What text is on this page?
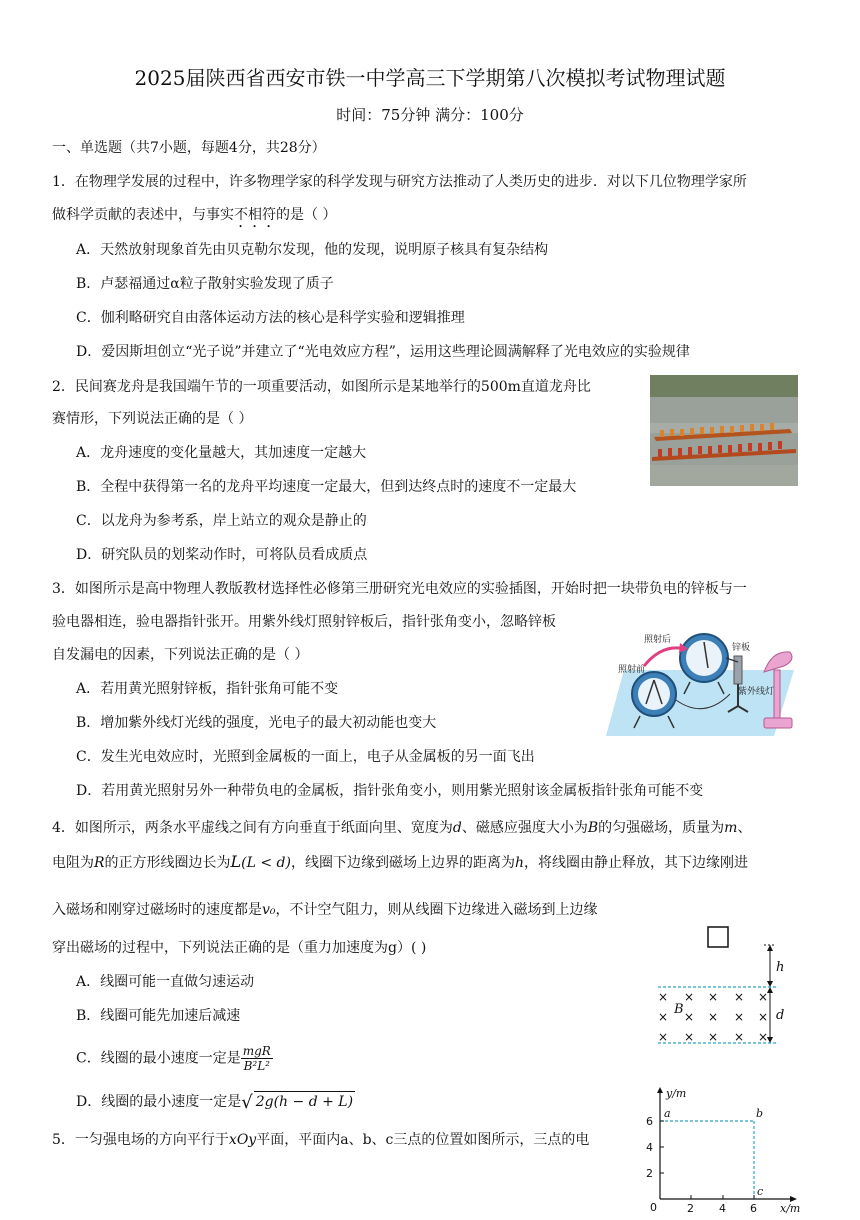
2025届陕西省西安市铁一中学高三下学期第八次模拟考试物理试题
时间：75分钟 满分：100分
一、单选题（共7小题，每题4分，共28分）
1．在物理学发展的过程中，许多物理学家的科学发现与研究方法推动了人类历史的进步．对以下几位物理学家所
做科学贡献的表述中，与事实不相符的是（ ）
A．天然放射现象首先由贝克勒尔发现，他的发现，说明原子核具有复杂结构
B．卢瑟福通过α粒子散射实验发现了质子
C．伽利略研究自由落体运动方法的核心是科学实验和逻辑推理
D．爱因斯坦创立“光子说”并建立了“光电效应方程”，运用这些理论圆满解释了光电效应的实验规律
2．民间赛龙舟是我国端午节的一项重要活动，如图所示是某地举行的500m直道龙舟比
赛情形，下列说法正确的是（ ）
A．龙舟速度的变化量越大，其加速度一定越大
B．全程中获得第一名的龙舟平均速度一定最大，但到达终点时的速度不一定最大
C．以龙舟为参考系，岸上站立的观众是静止的
D．研究队员的划桨动作时，可将队员看成质点
3．如图所示是高中物理人教版教材选择性必修第三册研究光电效应的实验插图，开始时把一块带负电的锌板与一
验电器相连，验电器指针张开。用紫外线灯照射锌板后，指针张角变小，忽略锌板
自发漏电的因素，下列说法正确的是（ ）
A．若用黄光照射锌板，指针张角可能不变
B．增加紫外线灯光线的强度，光电子的最大初动能也变大
C．发生光电效应时，光照到金属板的一面上，电子从金属板的另一面飞出
D．若用黄光照射另外一种带负电的金属板，指针张角变小，则用紫光照射该金属板指针张角可能不变
照射后
照射前
锌板
紫外线灯
4．如图所示，两条水平虚线之间有方向垂直于纸面向里、宽度为d、磁感应强度大小为B的匀强磁场，质量为m、
电阻为R的正方形线圈边长为L(L < d)，线圈下边缘到磁场上边界的距离为h，将线圈由静止释放，其下边缘刚进
入磁场和刚穿过磁场时的速度都是v₀，不计空气阻力，则从线圈下边缘进入磁场到上边缘
穿出磁场的过程中，下列说法正确的是（重力加速度为g）( )
A．线圈可能一直做匀速运动
B．线圈可能先加速后减速
C．线圈的最小速度一定是 $\frac{\text{mgR}}{\text{B²L²}}$
D．线圈的最小速度一定是√ 2g(h − d + L)
× × × × ×
× × × × ×
× × × × ×
h
d
B
5．一匀强电场的方向平行于xOy平面，平面内a、b、c三点的位置如图所示，三点的电
6
4
2
0	2 4 6
y/m
x/m
a	b
c
